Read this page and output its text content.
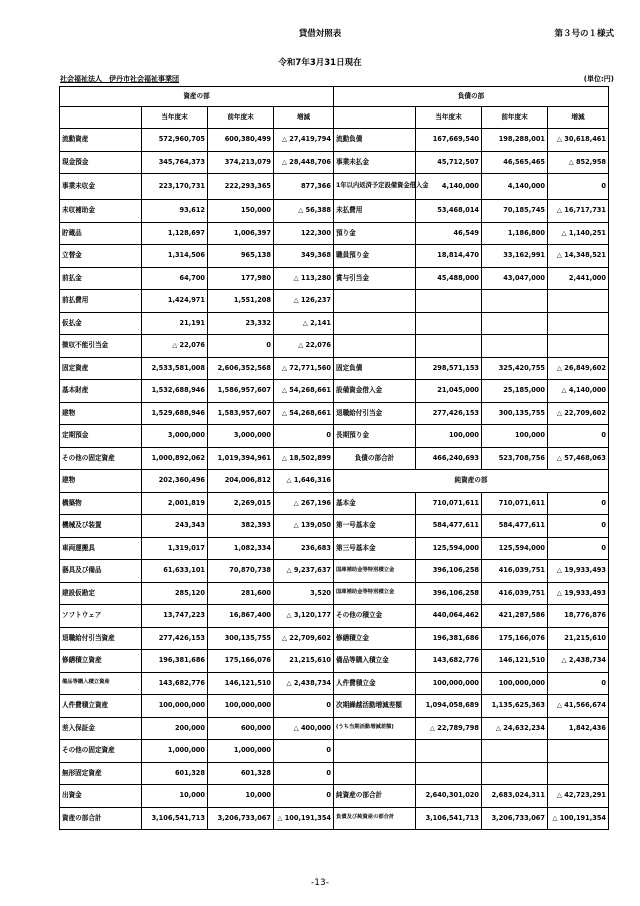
貸借対照表	第３号の１様式
令和7年3月31日現在
社会福祉法人　伊丹市社会福祉事業団	(単位:円)
資産の部				負債の部			
	当年度末	前年度末	増減		当年度末	前年度末	増減
流動資産	572,960,705	600,380,499	△ 27,419,794	流動負債	167,669,540	198,288,001	△ 30,618,461
現金預金	345,764,373	374,213,079	△ 28,448,706	事業未払金	45,712,507	46,565,465	△ 852,958
事業未収金	223,170,731	222,293,365	877,366	1年以内返済予定設備資金借入金	4,140,000	4,140,000	0
未収補助金	93,612	150,000	△ 56,388	未払費用	53,468,014	70,185,745	△ 16,717,731
貯蔵品	1,128,697	1,006,397	122,300	預り金	46,549	1,186,800	△ 1,140,251
立替金	1,314,506	965,138	349,368	職員預り金	18,814,470	33,162,991	△ 14,348,521
前払金	64,700	177,980	△ 113,280	賞与引当金	45,488,000	43,047,000	2,441,000
前払費用	1,424,971	1,551,208	△ 126,237				
仮払金	21,191	23,332	△ 2,141				
徴収不能引当金	△ 22,076	0	△ 22,076				
固定資産	2,533,581,008	2,606,352,568	△ 72,771,560	固定負債	298,571,153	325,420,755	△ 26,849,602
基本財産	1,532,688,946	1,586,957,607	△ 54,268,661	設備資金借入金	21,045,000	25,185,000	△ 4,140,000
建物	1,529,688,946	1,583,957,607	△ 54,268,661	退職給付引当金	277,426,153	300,135,755	△ 22,709,602
定期預金	3,000,000	3,000,000	0	長期預り金	100,000	100,000	0
その他の固定資産	1,000,892,062	1,019,394,961	△ 18,502,899	負債の部合計	466,240,693	523,708,756	△ 57,468,063
建物	202,360,496	204,006,812	△ 1,646,316	純資産の部			
構築物	2,001,819	2,269,015	△ 267,196	基本金	710,071,611	710,071,611	0
機械及び装置	243,343	382,393	△ 139,050	第一号基本金	584,477,611	584,477,611	0
車両運搬具	1,319,017	1,082,334	236,683	第三号基本金	125,594,000	125,594,000	0
器具及び備品	61,633,101	70,870,738	△ 9,237,637	国庫補助金等特別積立金	396,106,258	416,039,751	△ 19,933,493
建設仮勘定	285,120	281,600	3,520	国庫補助金等特別積立金	396,106,258	416,039,751	△ 19,933,493
ソフトウェア	13,747,223	16,867,400	△ 3,120,177	その他の積立金	440,064,462	421,287,586	18,776,876
退職給付引当資産	277,426,153	300,135,755	△ 22,709,602	修繕積立金	196,381,686	175,166,076	21,215,610
修繕積立資産	196,381,686	175,166,076	21,215,610	備品等購入積立金	143,682,776	146,121,510	△ 2,438,734
備品等購入積立資産	143,682,776	146,121,510	△ 2,438,734	人件費積立金	100,000,000	100,000,000	0
人件費積立資産	100,000,000	100,000,000	0	次期繰越活動増減差額	1,094,058,689	1,135,625,363	△ 41,566,674
差入保証金	200,000	600,000	△ 400,000	(うち当期活動増減差額)	△ 22,789,798	△ 24,632,234	1,842,436
その他の固定資産	1,000,000	1,000,000	0				
無形固定資産	601,328	601,328	0				
出資金	10,000	10,000	0	純資産の部合計	2,640,301,020	2,683,024,311	△ 42,723,291
資産の部合計	3,106,541,713	3,206,733,067	△ 100,191,354	負債及び純資産の部合計	3,106,541,713	3,206,733,067	△ 100,191,354
-13-
